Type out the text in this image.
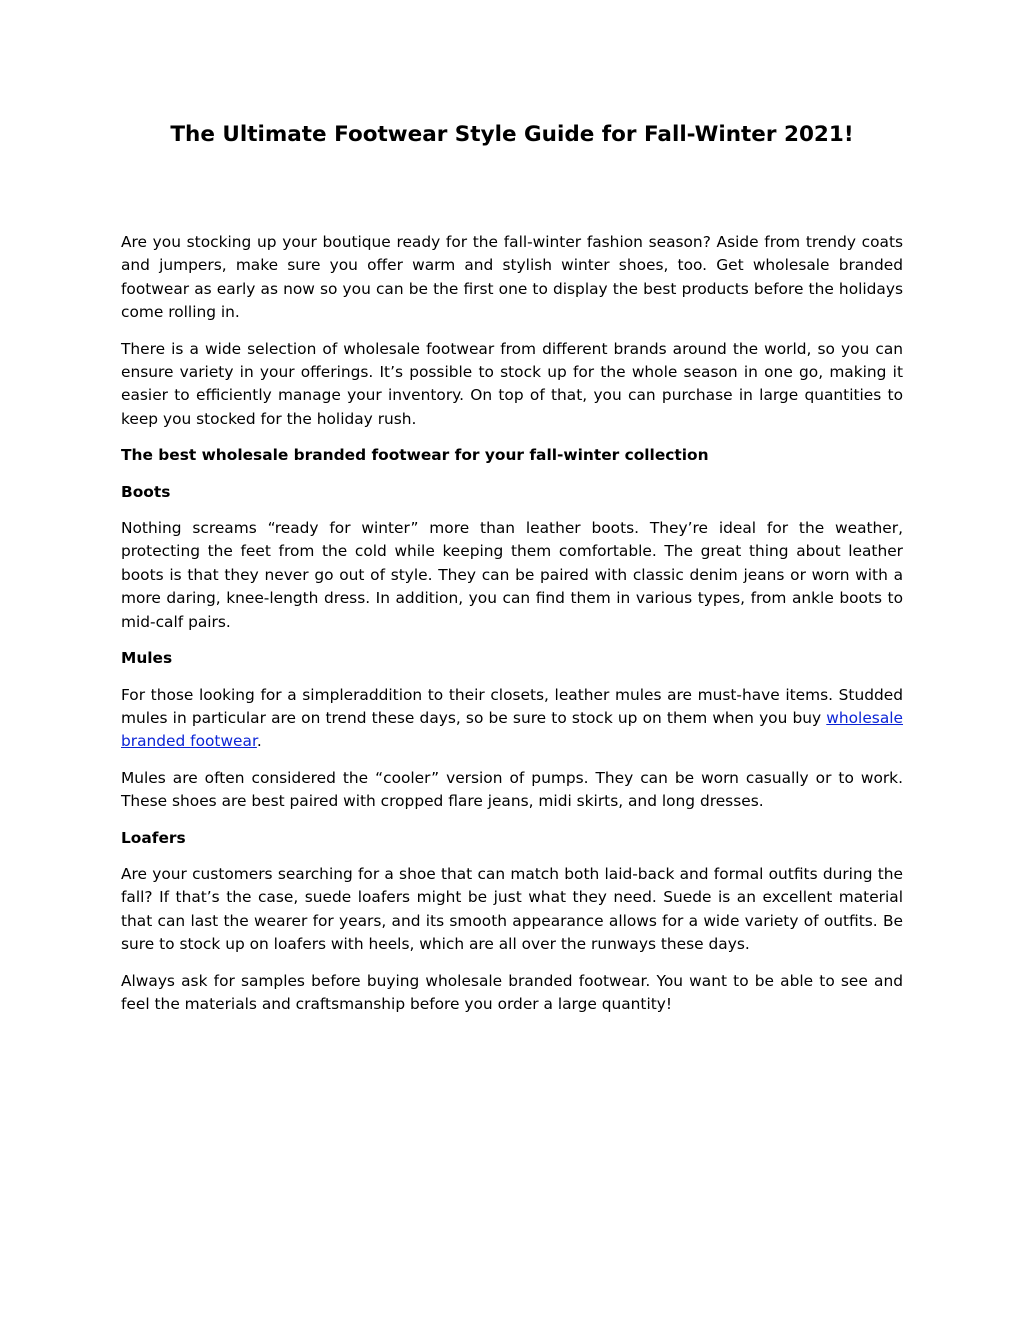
The Ultimate Footwear Style Guide for Fall-Winter 2021!

Are you stocking up your boutique ready for the fall-winter fashion season? Aside from trendy coats and jumpers, make sure you offer warm and stylish winter shoes, too. Get wholesale branded footwear as early as now so you can be the first one to display the best products before the holidays come rolling in.

There is a wide selection of wholesale footwear from different brands around the world, so you can ensure variety in your offerings. It’s possible to stock up for the whole season in one go, making it easier to efficiently manage your inventory. On top of that, you can purchase in large quantities to keep you stocked for the holiday rush.

The best wholesale branded footwear for your fall-winter collection

Boots

Nothing screams “ready for winter” more than leather boots. They’re ideal for the weather, protecting the feet from the cold while keeping them comfortable. The great thing about leather boots is that they never go out of style. They can be paired with classic denim jeans or worn with a more daring, knee-length dress. In addition, you can find them in various types, from ankle boots to mid-calf pairs.

Mules

For those looking for a simpleraddition to their closets, leather mules are must-have items. Studded mules in particular are on trend these days, so be sure to stock up on them when you buy wholesale branded footwear.

Mules are often considered the “cooler” version of pumps. They can be worn casually or to work. These shoes are best paired with cropped flare jeans, midi skirts, and long dresses.

Loafers

Are your customers searching for a shoe that can match both laid-back and formal outfits during the fall? If that’s the case, suede loafers might be just what they need. Suede is an excellent material that can last the wearer for years, and its smooth appearance allows for a wide variety of outfits. Be sure to stock up on loafers with heels, which are all over the runways these days.

Always ask for samples before buying wholesale branded footwear. You want to be able to see and feel the materials and craftsmanship before you order a large quantity!
